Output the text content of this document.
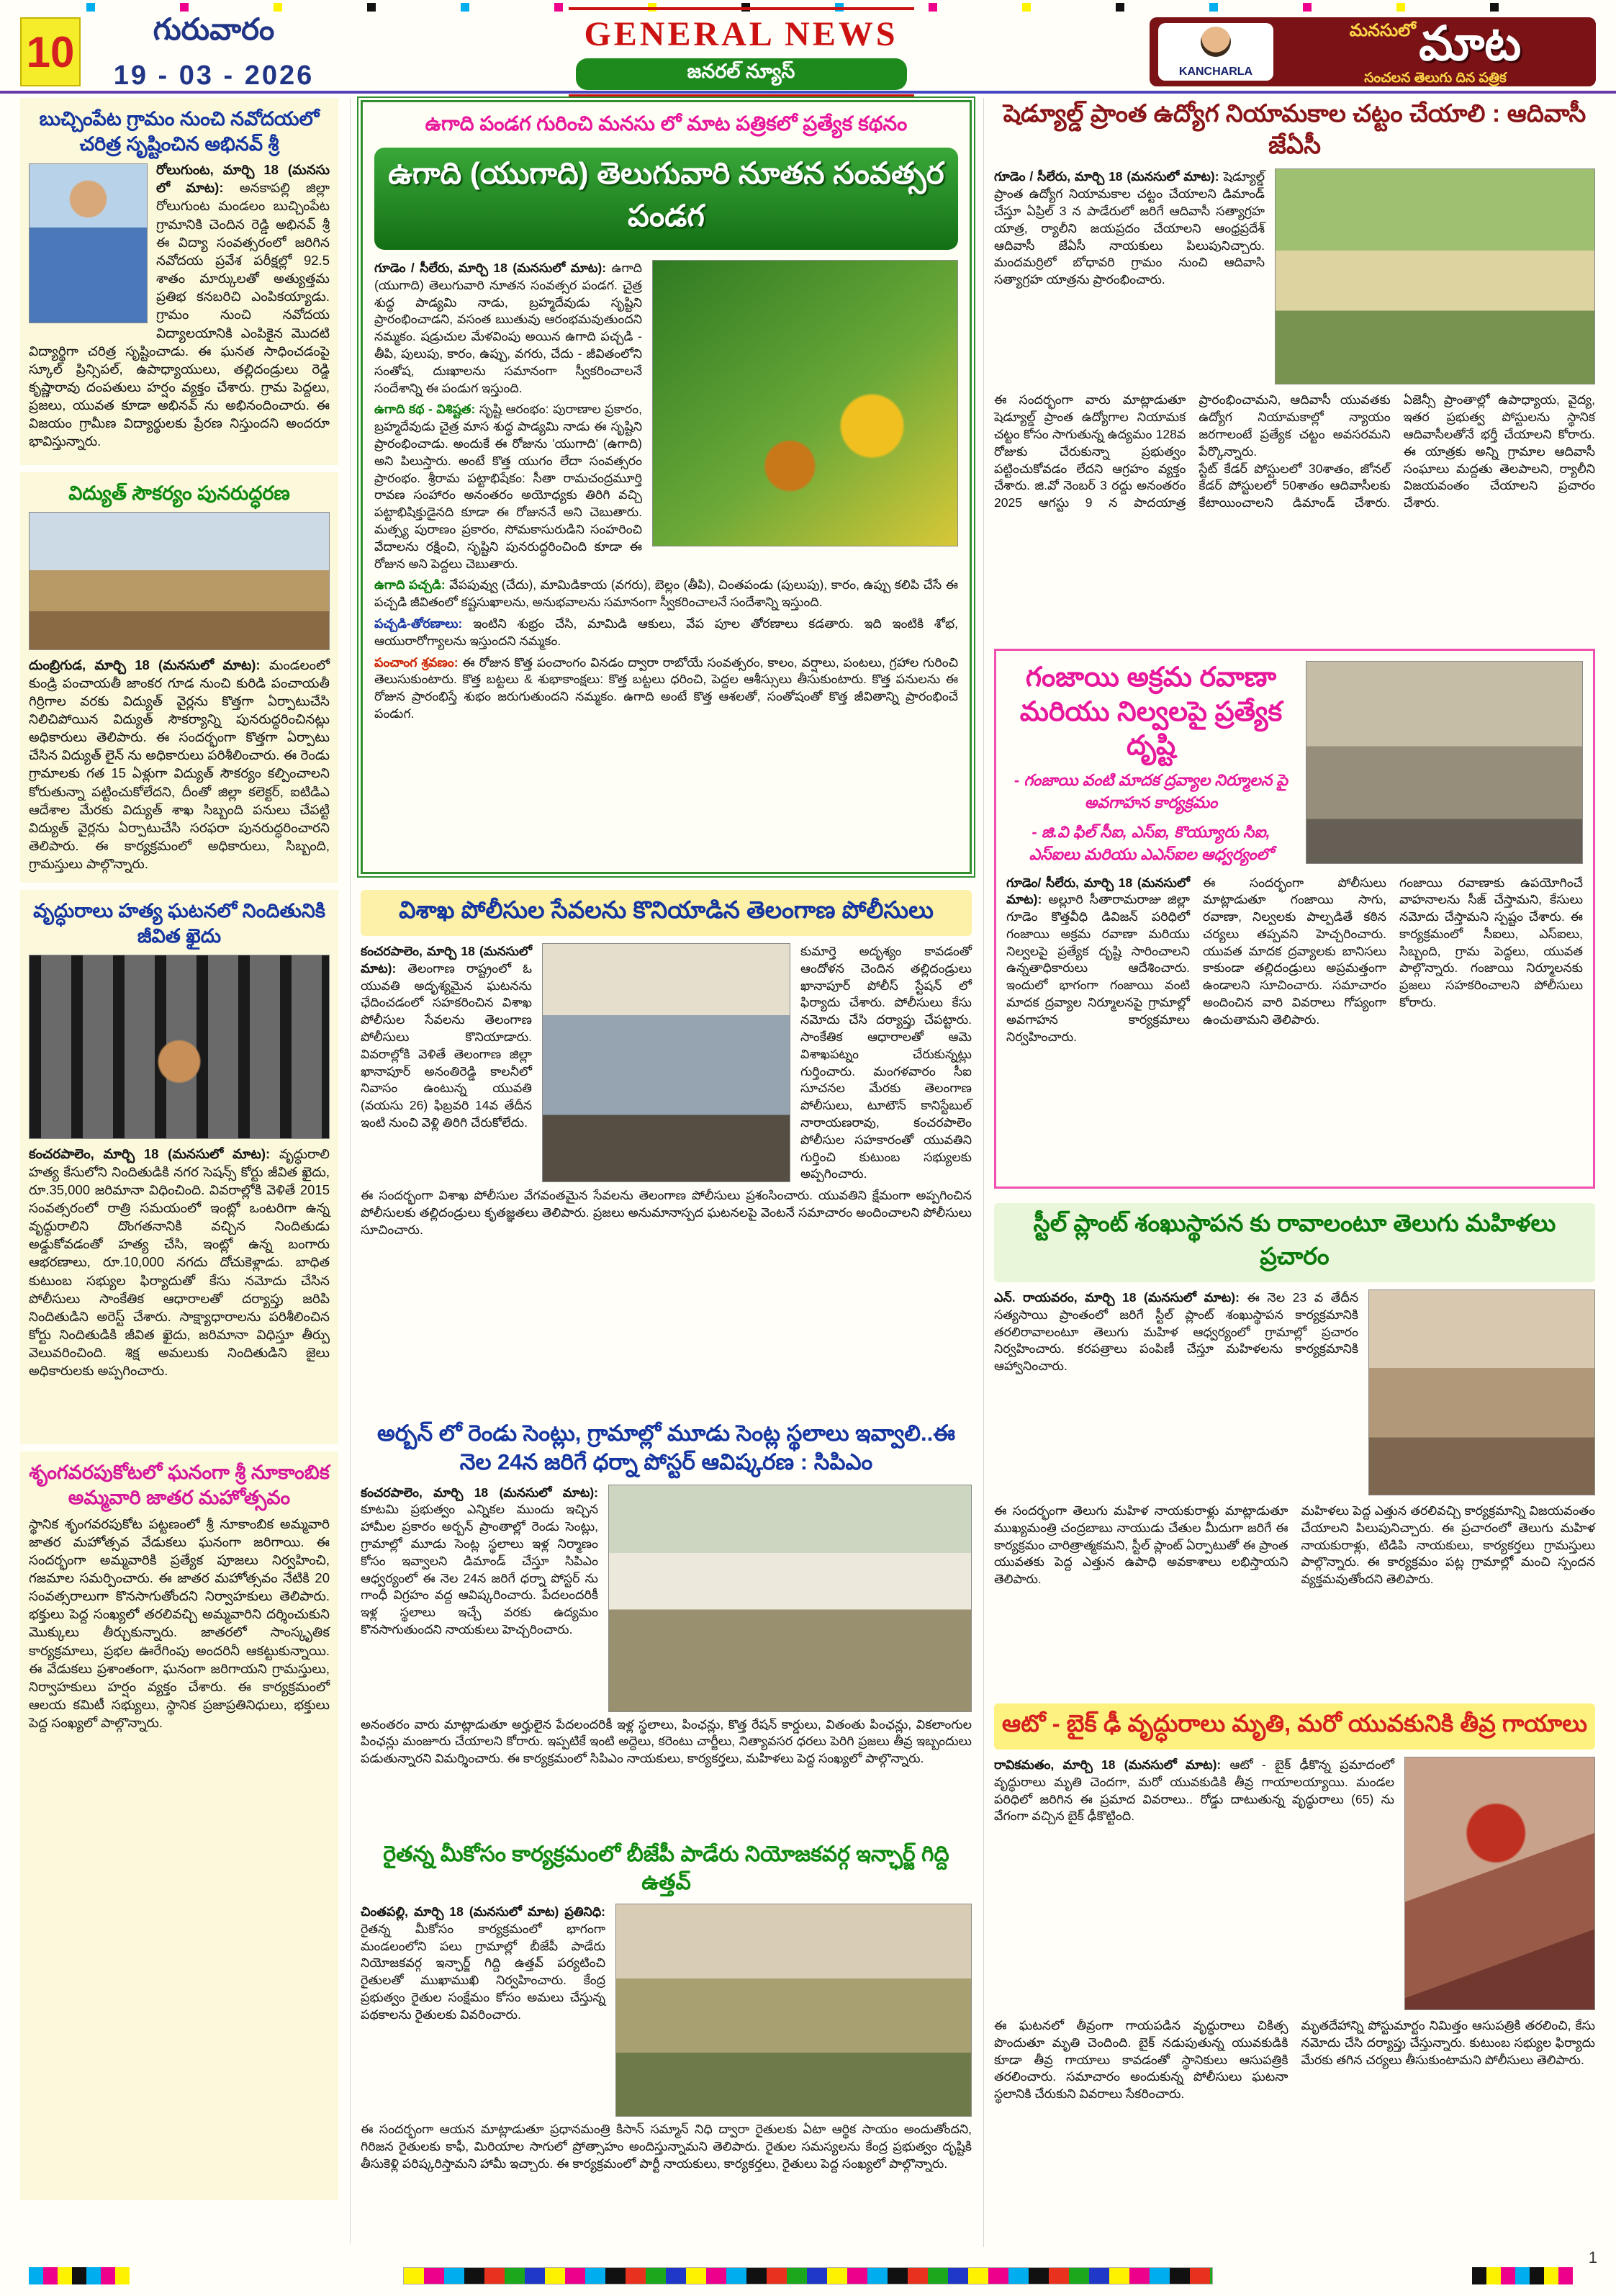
10	గురువారం
19 - 03 - 2026
GENERAL NEWS
జనరల్ న్యూస్	KANCHARLA
మనసులో మాట
సంచలన తెలుగు దిన పత్రిక
బుచ్చింపేట గ్రామం నుంచి నవోదయలో చరిత్ర సృష్టించిన అభినవ్ శ్రీ

రోలుగుంట, మార్చి 18 (మనసు లో మాట): అనకాపల్లి జిల్లా రోలుగుంట మండలం బుచ్చింపేట గ్రామానికి చెందిన రెడ్డి అభినవ్ శ్రీ ఈ విద్యా సంవత్సరంలో జరిగిన నవోదయ ప్రవేశ పరీక్షల్లో 92.5 శాతం మార్కులతో అత్యుత్తమ ప్రతిభ కనబరిచి ఎంపికయ్యాడు. గ్రామం నుంచి నవోదయ విద్యాలయానికి ఎంపికైన మొదటి విద్యార్థిగా చరిత్ర సృష్టించాడు. ఈ ఘనత సాధించడంపై స్కూల్ ప్రిన్సిపల్, ఉపాధ్యాయులు, తల్లిదండ్రులు రెడ్డి కృష్ణారావు దంపతులు హర్షం వ్యక్తం చేశారు. గ్రామ పెద్దలు, ప్రజలు, యువత కూడా అభినవ్ ను అభినందించారు. ఈ విజయం గ్రామీణ విద్యార్థులకు ప్రేరణ నిస్తుందని అందరూ భావిస్తున్నారు.

విద్యుత్ సౌకర్యం పునరుద్ధరణ

దుంబ్రిగుడ, మార్చి 18 (మనసులో మాట): మండలంలో కుండ్రి పంచాయతీ జాంకర గూడ నుంచి కురిడి పంచాయతీ గిర్రిగాల వరకు విద్యుత్ వైర్లను కొత్తగా ఏర్పాటుచేసి నిలిచిపోయిన విద్యుత్ సౌకర్యాన్ని పునరుద్ధరించినట్లు అధికారులు తెలిపారు. ఈ సందర్భంగా కొత్తగా ఏర్పాటు చేసిన విద్యుత్ లైన్ ను అధికారులు పరిశీలించారు. ఈ రెండు గ్రామాలకు గత 15 ఏళ్లుగా విద్యుత్ సౌకర్యం కల్పించాలని కోరుతున్నా పట్టించుకోలేదని, దీంతో జిల్లా కలెక్టర్, ఐటిడిఎ ఆదేశాల మేరకు విద్యుత్ శాఖ సిబ్బంది పనులు చేపట్టి విద్యుత్ వైర్లను ఏర్పాటుచేసి సరఫరా పునరుద్ధరించారని తెలిపారు. ఈ కార్యక్రమంలో అధికారులు, సిబ్బంది, గ్రామస్తులు పాల్గొన్నారు.

వృద్ధురాలు హత్య ఘటనలో నిందితునికి జీవిత ఖైదు

కంచరపాలెం, మార్చి 18 (మనసులో మాట): వృద్ధురాలి హత్య కేసులోని నిందితుడికి నగర సెషన్స్ కోర్టు జీవిత ఖైదు, రూ.35,000 జరిమానా విధించింది. వివరాల్లోకి వెళితే 2015 సంవత్సరంలో రాత్రి సమయంలో ఇంట్లో ఒంటరిగా ఉన్న వృద్ధురాలిని దొంగతనానికి వచ్చిన నిందితుడు అడ్డుకోవడంతో హత్య చేసి, ఇంట్లో ఉన్న బంగారు ఆభరణాలు, రూ.10,000 నగదు దోచుకెళ్లాడు. బాధిత కుటుంబ సభ్యుల ఫిర్యాదుతో కేసు నమోదు చేసిన పోలీసులు సాంకేతిక ఆధారాలతో దర్యాప్తు జరిపి నిందితుడిని అరెస్ట్ చేశారు. సాక్ష్యాధారాలను పరిశీలించిన కోర్టు నిందితుడికి జీవిత ఖైదు, జరిమానా విధిస్తూ తీర్పు వెలువరించింది. శిక్ష అమలుకు నిందితుడిని జైలు అధికారులకు అప్పగించారు.

శృంగవరపుకోటలో ఘనంగా శ్రీ నూకాంబిక అమ్మవారి జాతర మహోత్సవం

స్థానిక శృంగవరపుకోట పట్టణంలో శ్రీ నూకాంబిక అమ్మవారి జాతర మహోత్సవ వేడుకలు ఘనంగా జరిగాయి. ఈ సందర్భంగా అమ్మవారికి ప్రత్యేక పూజలు నిర్వహించి, గజమాల సమర్పించారు. ఈ జాతర మహోత్సవం నేటికి 20 సంవత్సరాలుగా కొనసాగుతోందని నిర్వాహకులు తెలిపారు. భక్తులు పెద్ద సంఖ్యలో తరలివచ్చి అమ్మవారిని దర్శించుకుని మొక్కులు తీర్చుకున్నారు. జాతరలో సాంస్కృతిక కార్యక్రమాలు, ప్రభల ఊరేగింపు అందరినీ ఆకట్టుకున్నాయి. ఈ వేడుకలు ప్రశాంతంగా, ఘనంగా జరిగాయని గ్రామస్తులు, నిర్వాహకులు హర్షం వ్యక్తం చేశారు. ఈ కార్యక్రమంలో ఆలయ కమిటీ సభ్యులు, స్థానిక ప్రజాప్రతినిధులు, భక్తులు పెద్ద సంఖ్యలో పాల్గొన్నారు.

ఉగాది పండగ గురించి మనసు లో మాట పత్రికలో ప్రత్యేక కథనం
ఉగాది (యుగాది) తెలుగువారి నూతన సంవత్సర పండగ

గూడెం / సీలేరు, మార్చి 18 (మనసులో మాట): ఉగాది (యుగాది) తెలుగువారి నూతన సంవత్సర పండగ. చైత్ర శుద్ధ పాడ్యమి నాడు, బ్రహ్మదేవుడు సృష్టిని ప్రారంభించాడని, వసంత ఋతువు ఆరంభమవుతుందని నమ్మకం. షడ్రుచుల మేళవింపు అయిన ఉగాది పచ్చడి - తీపి, పులుపు, కారం, ఉప్పు, వగరు, చేదు - జీవితంలోని సంతోష, దుఃఖాలను సమానంగా స్వీకరించాలనే సందేశాన్ని ఈ పండుగ ఇస్తుంది.

ఉగాది కథ - విశిష్టత: సృష్టి ఆరంభం: పురాణాల ప్రకారం, బ్రహ్మదేవుడు చైత్ర మాస శుద్ధ పాడ్యమి నాడు ఈ సృష్టిని ప్రారంభించాడు. అందుకే ఈ రోజును 'యుగాది' (ఉగాది) అని పిలుస్తారు. అంటే కొత్త యుగం లేదా సంవత్సరం ప్రారంభం. శ్రీరామ పట్టాభిషేకం: సీతా రామచంద్రమూర్తి రావణ సంహారం అనంతరం అయోధ్యకు తిరిగి వచ్చి పట్టాభిషిక్తుడైనది కూడా ఈ రోజుననే అని చెబుతారు. మత్స్య పురాణం ప్రకారం, సోమకాసురుడిని సంహరించి వేదాలను రక్షించి, సృష్టిని పునరుద్ధరించింది కూడా ఈ రోజున అని పెద్దలు చెబుతారు.

ఉగాది పచ్చడి: వేపపువ్వు (చేదు), మామిడికాయ (వగరు), బెల్లం (తీపి), చింతపండు (పులుపు), కారం, ఉప్పు కలిపి చేసే ఈ పచ్చడి జీవితంలో కష్టసుఖాలను, అనుభవాలను సమానంగా స్వీకరించాలనే సందేశాన్ని ఇస్తుంది.

పచ్చడి-తోరణాలు: ఇంటిని శుభ్రం చేసి, మామిడి ఆకులు, వేప పూల తోరణాలు కడతారు. ఇది ఇంటికి శోభ, ఆయురారోగ్యాలను ఇస్తుందని నమ్మకం.

పంచాంగ శ్రవణం: ఈ రోజున కొత్త పంచాంగం వినడం ద్వారా రాబోయే సంవత్సరం, కాలం, వర్షాలు, పంటలు, గ్రహాల గురించి తెలుసుకుంటారు. కొత్త బట్టలు & శుభాకాంక్షలు: కొత్త బట్టలు ధరించి, పెద్దల ఆశీస్సులు తీసుకుంటారు. కొత్త పనులను ఈ రోజున ప్రారంభిస్తే శుభం జరుగుతుందని నమ్మకం. ఉగాది అంటే కొత్త ఆశలతో, సంతోషంతో కొత్త జీవితాన్ని ప్రారంభించే పండుగ.

విశాఖ పోలీసుల సేవలను కొనియాడిన తెలంగాణ పోలీసులు

కంచరపాలెం, మార్చి 18 (మనసులో మాట): తెలంగాణ రాష్ట్రంలో ఓ యువతి అదృశ్యమైన ఘటనను ఛేదించడంలో సహకరించిన విశాఖ పోలీసుల సేవలను తెలంగాణ పోలీసులు కొనియాడారు. వివరాల్లోకి వెళితే తెలంగాణ జిల్లా ఖానాపూర్ అనంతిరెడ్డి కాలనీలో నివాసం ఉంటున్న యువతి (వయసు 26) ఫిబ్రవరి 14వ తేదీన ఇంటి నుంచి వెళ్లి తిరిగి చేరుకోలేదు.

కుమార్తె అదృశ్యం కావడంతో ఆందోళన చెందిన తల్లిదండ్రులు ఖానాపూర్ పోలీస్ స్టేషన్ లో ఫిర్యాదు చేశారు. పోలీసులు కేసు నమోదు చేసి దర్యాప్తు చేపట్టారు. సాంకేతిక ఆధారాలతో ఆమె విశాఖపట్నం చేరుకున్నట్లు గుర్తించారు. మంగళవారం సీఐ సూచనల మేరకు తెలంగాణ పోలీసులు, టూటౌన్ కానిస్టేబుల్ నారాయణరావు, కంచరపాలెం పోలీసుల సహకారంతో యువతిని గుర్తించి కుటుంబ సభ్యులకు అప్పగించారు.

ఈ సందర్భంగా విశాఖ పోలీసుల వేగవంతమైన సేవలను తెలంగాణ పోలీసులు ప్రశంసించారు. యువతిని క్షేమంగా అప్పగించిన పోలీసులకు తల్లిదండ్రులు కృతజ్ఞతలు తెలిపారు. ప్రజలు అనుమానాస్పద ఘటనలపై వెంటనే సమాచారం అందించాలని పోలీసులు సూచించారు.

అర్బన్ లో రెండు సెంట్లు, గ్రామాల్లో మూడు సెంట్ల స్థలాలు ఇవ్వాలి..ఈ నెల 24న జరిగే ధర్నా పోస్టర్ ఆవిష్కరణ : సిపిఎం

కంచరపాలెం, మార్చి 18 (మనసులో మాట): కూటమి ప్రభుత్వం ఎన్నికల ముందు ఇచ్చిన హామీల ప్రకారం అర్బన్ ప్రాంతాల్లో రెండు సెంట్లు, గ్రామాల్లో మూడు సెంట్ల స్థలాలు ఇళ్ల నిర్మాణం కోసం ఇవ్వాలని డిమాండ్ చేస్తూ సిపిఎం ఆధ్వర్యంలో ఈ నెల 24న జరిగే ధర్నా పోస్టర్ ను గాంధీ విగ్రహం వద్ద ఆవిష్కరించారు. పేదలందరికీ ఇళ్ల స్థలాలు ఇచ్చే వరకు ఉద్యమం కొనసాగుతుందని నాయకులు హెచ్చరించారు.

అనంతరం వారు మాట్లాడుతూ అర్హులైన పేదలందరికీ ఇళ్ల స్థలాలు, పింఛన్లు, కొత్త రేషన్ కార్డులు, వితంతు పింఛన్లు, వికలాంగుల పింఛన్లు మంజూరు చేయాలని కోరారు. ఇప్పటికే ఇంటి అద్దెలు, కరెంటు చార్జీలు, నిత్యావసర ధరలు పెరిగి ప్రజలు తీవ్ర ఇబ్బందులు పడుతున్నారని విమర్శించారు. ఈ కార్యక్రమంలో సిపిఎం నాయకులు, కార్యకర్తలు, మహిళలు పెద్ద సంఖ్యలో పాల్గొన్నారు.

రైతన్న మీకోసం కార్యక్రమంలో బీజేపీ పాడేరు నియోజకవర్గ ఇన్ఛార్జ్ గిద్ది ఉత్తవ్

చింతపల్లి, మార్చి 18 (మనసులో మాట) ప్రతినిధి: రైతన్న మీకోసం కార్యక్రమంలో భాగంగా మండలంలోని పలు గ్రామాల్లో బీజేపీ పాడేరు నియోజకవర్గ ఇన్ఛార్జ్ గిద్ది ఉత్తవ్ పర్యటించి రైతులతో ముఖాముఖి నిర్వహించారు. కేంద్ర ప్రభుత్వం రైతుల సంక్షేమం కోసం అమలు చేస్తున్న పథకాలను రైతులకు వివరించారు.

ఈ సందర్భంగా ఆయన మాట్లాడుతూ ప్రధానమంత్రి కిసాన్ సమ్మాన్ నిధి ద్వారా రైతులకు ఏటా ఆర్థిక సాయం అందుతోందని, గిరిజన రైతులకు కాఫీ, మిరియాల సాగులో ప్రోత్సాహం అందిస్తున్నామని తెలిపారు. రైతుల సమస్యలను కేంద్ర ప్రభుత్వం దృష్టికి తీసుకెళ్లి పరిష్కరిస్తామని హామీ ఇచ్చారు. ఈ కార్యక్రమంలో పార్టీ నాయకులు, కార్యకర్తలు, రైతులు పెద్ద సంఖ్యలో పాల్గొన్నారు.

షెడ్యూల్డ్ ప్రాంత ఉద్యోగ నియామకాల చట్టం చేయాలి : ఆదివాసీ జేఏసీ

గూడెం / సీలేరు, మార్చి 18 (మనసులో మాట): షెడ్యూల్డ్ ప్రాంత ఉద్యోగ నియామకాల చట్టం చేయాలని డిమాండ్ చేస్తూ ఏప్రిల్ 3 న పాడేరులో జరిగే ఆదివాసీ సత్యాగ్రహ యాత్ర, ర్యాలీని జయప్రదం చేయాలని ఆంధ్రప్రదేశ్ ఆదివాసీ జేఏసీ నాయకులు పిలుపునిచ్చారు. మందమర్రిలో బోధావరి గ్రామం నుంచి ఆదివాసి సత్యాగ్రహ యాత్రను ప్రారంభించారు.

ఈ సందర్భంగా వారు మాట్లాడుతూ షెడ్యూల్డ్ ప్రాంత ఉద్యోగాల నియామక చట్టం కోసం సాగుతున్న ఉద్యమం 128వ రోజుకు చేరుకున్నా ప్రభుత్వం పట్టించుకోవడం లేదని ఆగ్రహం వ్యక్తం చేశారు. జి.వో నెంబర్ 3 రద్దు అనంతరం 2025 ఆగస్టు 9 న పాదయాత్ర ప్రారంభించామని, ఆదివాసీ యువతకు ఉద్యోగ నియామకాల్లో న్యాయం జరగాలంటే ప్రత్యేక చట్టం అవసరమని పేర్కొన్నారు.

స్టేట్ కేడర్ పోస్టులలో 30శాతం, జోనల్ కేడర్ పోస్టులలో 50శాతం ఆదివాసీలకు కేటాయించాలని డిమాండ్ చేశారు. ఏజెన్సీ ప్రాంతాల్లో ఉపాధ్యాయ, వైద్య, ఇతర ప్రభుత్వ పోస్టులను స్థానిక ఆదివాసీలతోనే భర్తీ చేయాలని కోరారు. ఈ యాత్రకు అన్ని గ్రామాల ఆదివాసీ సంఘాలు మద్దతు తెలపాలని, ర్యాలీని విజయవంతం చేయాలని ప్రచారం చేశారు.

గంజాయి అక్రమ రవాణా మరియు నిల్వలపై ప్రత్యేక దృష్టి
- గంజాయి వంటి మాదక ద్రవ్యాల నిర్మూలన పై అవగాహన కార్యక్రమం
- జి.వి ఫిల్ సీఐ, ఎస్ఐ, కొయ్యూరు సిఐ, ఎస్ఐలు మరియు ఎఎస్ఐల ఆధ్వర్యంలో

గూడెం/ సీలేరు, మార్చి 18 (మనసులో మాట): అల్లూరి సీతారామరాజు జిల్లా గూడెం కొత్తవీధి డివిజన్ పరిధిలో గంజాయి అక్రమ రవాణా మరియు నిల్వలపై ప్రత్యేక దృష్టి సారించాలని ఉన్నతాధికారులు ఆదేశించారు. ఇందులో భాగంగా గంజాయి వంటి మాదక ద్రవ్యాల నిర్మూలనపై గ్రామాల్లో అవగాహన కార్యక్రమాలు నిర్వహించారు.

ఈ సందర్భంగా పోలీసులు మాట్లాడుతూ గంజాయి సాగు, రవాణా, నిల్వలకు పాల్పడితే కఠిన చర్యలు తప్పవని హెచ్చరించారు. యువత మాదక ద్రవ్యాలకు బానిసలు కాకుండా తల్లిదండ్రులు అప్రమత్తంగా ఉండాలని సూచించారు. సమాచారం అందించిన వారి వివరాలు గోప్యంగా ఉంచుతామని తెలిపారు.

గంజాయి రవాణాకు ఉపయోగించే వాహనాలను సీజ్ చేస్తామని, కేసులు నమోదు చేస్తామని స్పష్టం చేశారు. ఈ కార్యక్రమంలో సీఐలు, ఎస్ఐలు, సిబ్బంది, గ్రామ పెద్దలు, యువత పాల్గొన్నారు. గంజాయి నిర్మూలనకు ప్రజలు సహకరించాలని పోలీసులు కోరారు.

స్టీల్ ప్లాంట్ శంఖుస్థాపన కు రావాలంటూ తెలుగు మహిళలు ప్రచారం

ఎన్. రాయవరం, మార్చి 18 (మనసులో మాట): ఈ నెల 23 వ తేదీన సత్యసాయి ప్రాంతంలో జరిగే స్టీల్ ప్లాంట్ శంఖుస్థాపన కార్యక్రమానికి తరలిరావాలంటూ తెలుగు మహిళ ఆధ్వర్యంలో గ్రామాల్లో ప్రచారం నిర్వహించారు. కరపత్రాలు పంపిణీ చేస్తూ మహిళలను కార్యక్రమానికి ఆహ్వానించారు.

ఈ సందర్భంగా తెలుగు మహిళ నాయకురాళ్లు మాట్లాడుతూ ముఖ్యమంత్రి చంద్రబాబు నాయుడు చేతుల మీదుగా జరిగే ఈ కార్యక్రమం చారిత్రాత్మకమని, స్టీల్ ప్లాంట్ ఏర్పాటుతో ఈ ప్రాంత యువతకు పెద్ద ఎత్తున ఉపాధి అవకాశాలు లభిస్తాయని తెలిపారు.

మహిళలు పెద్ద ఎత్తున తరలివచ్చి కార్యక్రమాన్ని విజయవంతం చేయాలని పిలుపునిచ్చారు. ఈ ప్రచారంలో తెలుగు మహిళ నాయకురాళ్లు, టిడిపి నాయకులు, కార్యకర్తలు గ్రామస్తులు పాల్గొన్నారు. ఈ కార్యక్రమం పట్ల గ్రామాల్లో మంచి స్పందన వ్యక్తమవుతోందని తెలిపారు.

ఆటో - బైక్ ఢీ వృద్ధురాలు మృతి, మరో యువకునికి తీవ్ర గాయాలు

రావికమతం, మార్చి 18 (మనసులో మాట): ఆటో - బైక్ ఢీకొన్న ప్రమాదంలో వృద్ధురాలు మృతి చెందగా, మరో యువకుడికి తీవ్ర గాయాలయ్యాయి. మండల పరిధిలో జరిగిన ఈ ప్రమాద వివరాలు.. రోడ్డు దాటుతున్న వృద్ధురాలు (65) ను వేగంగా వచ్చిన బైక్ ఢీకొట్టింది.

ఈ ఘటనలో తీవ్రంగా గాయపడిన వృద్ధురాలు చికిత్స పొందుతూ మృతి చెందింది. బైక్ నడుపుతున్న యువకుడికి కూడా తీవ్ర గాయాలు కావడంతో స్థానికులు ఆసుపత్రికి తరలించారు. సమాచారం అందుకున్న పోలీసులు ఘటనా స్థలానికి చేరుకుని వివరాలు సేకరించారు.

మృతదేహాన్ని పోస్టుమార్టం నిమిత్తం ఆసుపత్రికి తరలించి, కేసు నమోదు చేసి దర్యాప్తు చేస్తున్నారు. కుటుంబ సభ్యుల ఫిర్యాదు మేరకు తగిన చర్యలు తీసుకుంటామని పోలీసులు తెలిపారు.

1
